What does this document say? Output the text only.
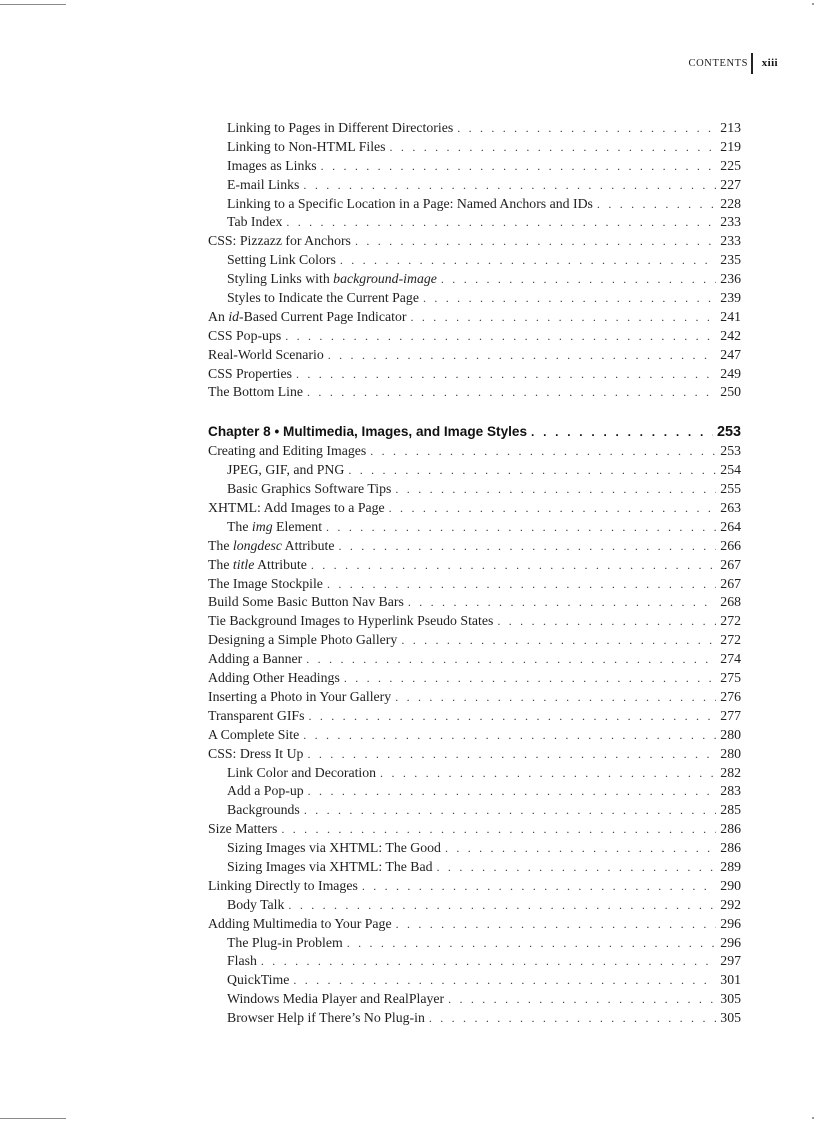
CONTENTS xiii
Linking to Pages in Different Directories . . .	213
Linking to Non-HTML Files . . .	219
Images as Links . . .	225
E-mail Links . . .	227
Linking to a Specific Location in a Page: Named Anchors and IDs . . .	228
Tab Index . . .	233
CSS: Pizzazz for Anchors . . .	233
Setting Link Colors . . .	235
Styling Links with background-image . . .	236
Styles to Indicate the Current Page . . .	239
An id-Based Current Page Indicator . . .	241
CSS Pop-ups . . .	242
Real-World Scenario . . .	247
CSS Properties . . .	249
The Bottom Line . . .	250
Chapter 8 • Multimedia, Images, and Image Styles . . .	253
Creating and Editing Images . . .	253
JPEG, GIF, and PNG . . .	254
Basic Graphics Software Tips . . .	255
XHTML: Add Images to a Page . . .	263
The img Element . . .	264
The longdesc Attribute . . .	266
The title Attribute . . .	267
The Image Stockpile . . .	267
Build Some Basic Button Nav Bars . . .	268
Tie Background Images to Hyperlink Pseudo States . . .	272
Designing a Simple Photo Gallery . . .	272
Adding a Banner . . .	274
Adding Other Headings . . .	275
Inserting a Photo in Your Gallery . . .	276
Transparent GIFs . . .	277
A Complete Site . . .	280
CSS: Dress It Up . . .	280
Link Color and Decoration . . .	282
Add a Pop-up . . .	283
Backgrounds . . .	285
Size Matters . . .	286
Sizing Images via XHTML: The Good . . .	286
Sizing Images via XHTML: The Bad . . .	289
Linking Directly to Images . . .	290
Body Talk . . .	292
Adding Multimedia to Your Page . . .	296
The Plug-in Problem . . .	296
Flash . . .	297
QuickTime . . .	301
Windows Media Player and RealPlayer . . .	305
Browser Help if There’s No Plug-in . . .	305
